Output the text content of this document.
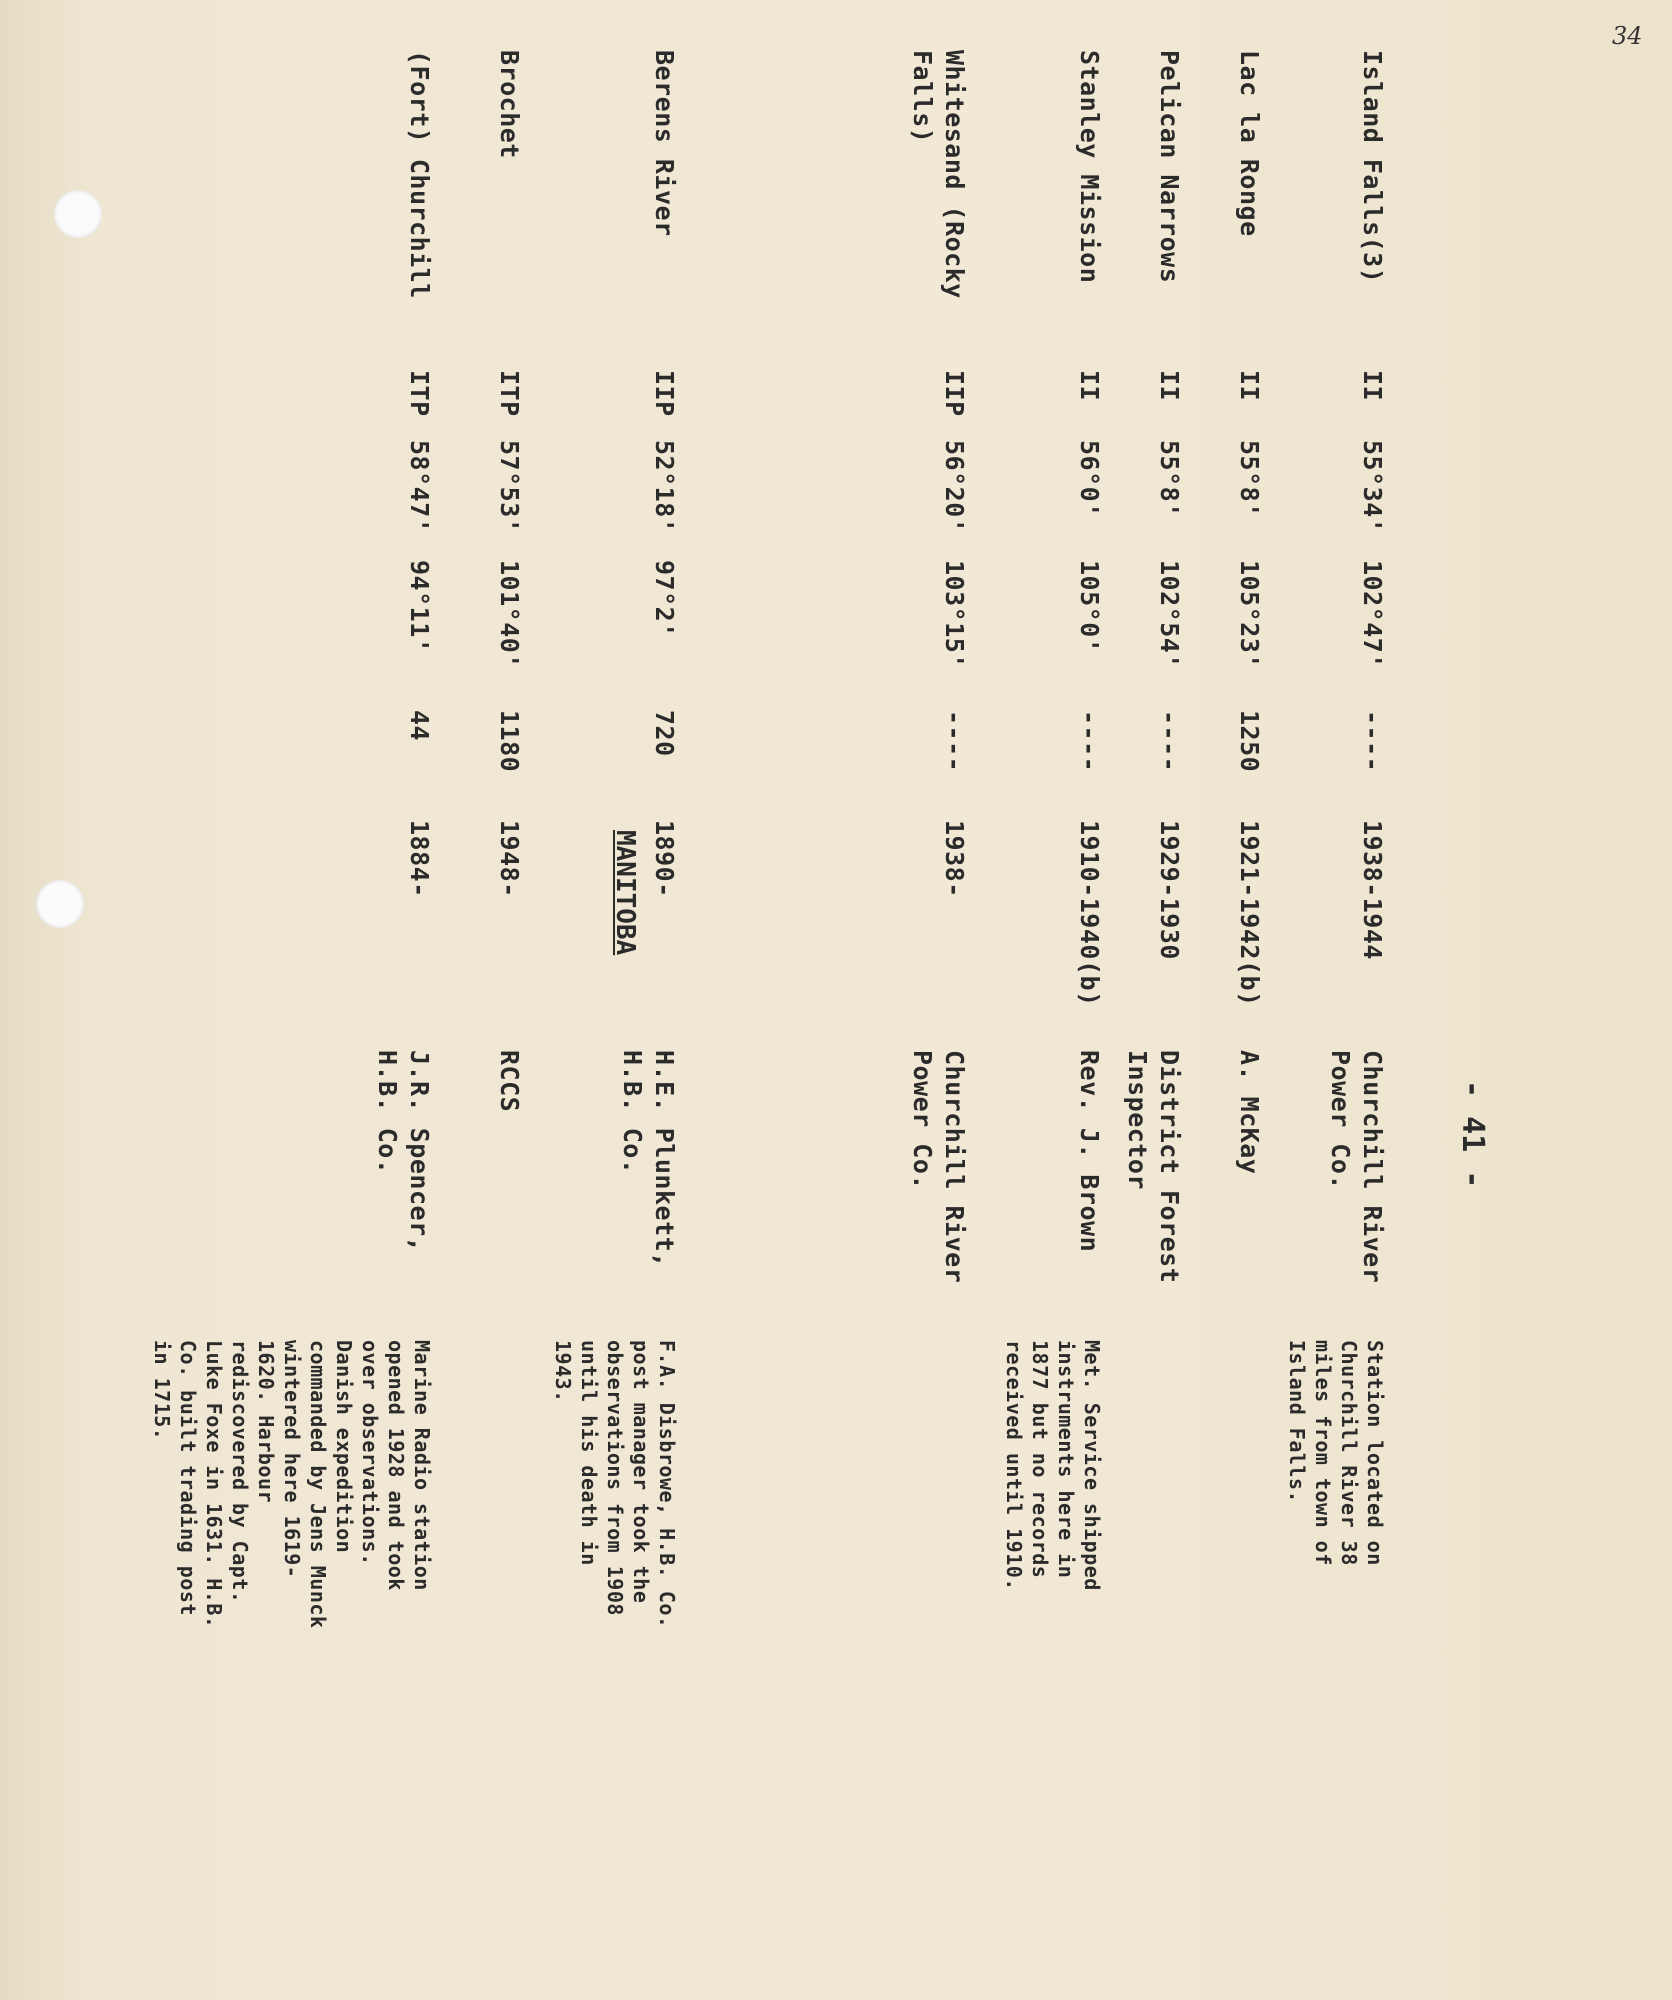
34
- 41 -
MANITOBA
Island Falls(3)
II
55°34'
102°47'
----
1938-1944
Churchill River Power Co.
Station located on Churchill River 38 miles from town of Island Falls.
Lac la Ronge
II
55°8'
105°23'
1250
1921-1942(b)
A. McKay
Pelican Narrows
II
55°8'
102°54'
----
1929-1930
District Forest Inspector
Stanley Mission
II
56°0'
105°0'
----
1910-1940(b)
Rev. J. Brown
Met. Service shipped instruments here in 1877 but no records received until 1910.
Whitesand (Rocky Falls)
IIP
56°20'
103°15'
----
1938-
Churchill River Power Co.
Berens River
IIP
52°18'
97°2'
720
1890-
H.E. Plunkett, H.B. Co.
F.A. Disbrowe, H.B. Co. post manager took the observations from 1908 until his death in 1943.
Brochet
ITP
57°53'
101°40'
1180
1948-
RCCS
(Fort) Churchill
ITP
58°47'
94°11'
44
1884-
J.R. Spencer, H.B. Co.
Marine Radio station opened 1928 and took over observations. Danish expedition commanded by Jens Munck wintered here 1619-1620. Harbour rediscovered by Capt. Luke Foxe in 1631. H.B. Co. built trading post in 1715.
